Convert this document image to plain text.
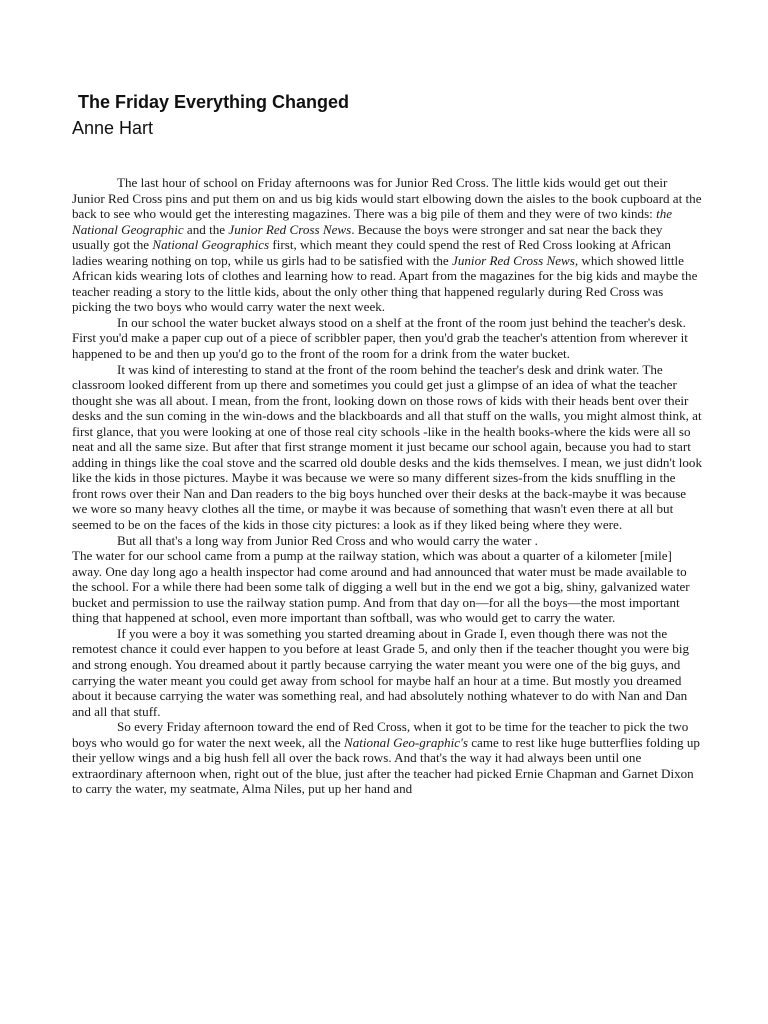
The Friday Everything Changed
Anne Hart

The last hour of school on Friday afternoons was for Junior Red Cross. The little kids would get out their Junior Red Cross pins and put them on and us big kids would start elbowing down the aisles to the book cupboard at the back to see who would get the interesting magazines. There was a big pile of them and they were of two kinds: the National Geographic and the Junior Red Cross News. Because the boys were stronger and sat near the back they usually got the National Geographics first, which meant they could spend the rest of Red Cross looking at African ladies wearing nothing on top, while us girls had to be satisfied with the Junior Red Cross News, which showed little African kids wearing lots of clothes and learning how to read. Apart from the magazines for the big kids and maybe the teacher reading a story to the little kids, about the only other thing that happened regularly during Red Cross was picking the two boys who would carry water the next week.

In our school the water bucket always stood on a shelf at the front of the room just behind the teacher's desk. First you'd make a paper cup out of a piece of scribbler paper, then you'd grab the teacher's attention from wherever it happened to be and then up you'd go to the front of the room for a drink from the water bucket.

It was kind of interesting to stand at the front of the room behind the teacher's desk and drink water. The classroom looked different from up there and sometimes you could get just a glimpse of an idea of what the teacher thought she was all about. I mean, from the front, looking down on those rows of kids with their heads bent over their desks and the sun coming in the win-dows and the blackboards and all that stuff on the walls, you might almost think, at first glance, that you were looking at one of those real city schools -like in the health books-where the kids were all so neat and all the same size. But after that first strange moment it just became our school again, because you had to start adding in things like the coal stove and the scarred old double desks and the kids themselves. I mean, we just didn't look like the kids in those pictures. Maybe it was because we were so many different sizes-from the kids snuffling in the front rows over their Nan and Dan readers to the big boys hunched over their desks at the back-maybe it was because we wore so many heavy clothes all the time, or maybe it was because of something that wasn't even there at all but seemed to be on the faces of the kids in those city pictures: a look as if they liked being where they were.

But all that's a long way from Junior Red Cross and who would carry the water .

The water for our school came from a pump at the railway station, which was about a quarter of a kilometer [mile] away. One day long ago a health inspector had come around and had announced that water must be made available to the school. For a while there had been some talk of digging a well but in the end we got a big, shiny, galvanized water bucket and permission to use the railway station pump. And from that day on—for all the boys—the most important thing that happened at school, even more important than softball, was who would get to carry the water.

If you were a boy it was something you started dreaming about in Grade I, even though there was not the remotest chance it could ever happen to you before at least Grade 5, and only then if the teacher thought you were big and strong enough. You dreamed about it partly because carrying the water meant you were one of the big guys, and carrying the water meant you could get away from school for maybe half an hour at a time. But mostly you dreamed about it because carrying the water was something real, and had absolutely nothing whatever to do with Nan and Dan and all that stuff.

So every Friday afternoon toward the end of Red Cross, when it got to be time for the teacher to pick the two boys who would go for water the next week, all the National Geo-graphic's came to rest like huge butterflies folding up their yellow wings and a big hush fell all over the back rows. And that's the way it had always been until one extraordinary afternoon when, right out of the blue, just after the teacher had picked Ernie Chapman and Garnet Dixon to carry the water, my seatmate, Alma Niles, put up her hand and
